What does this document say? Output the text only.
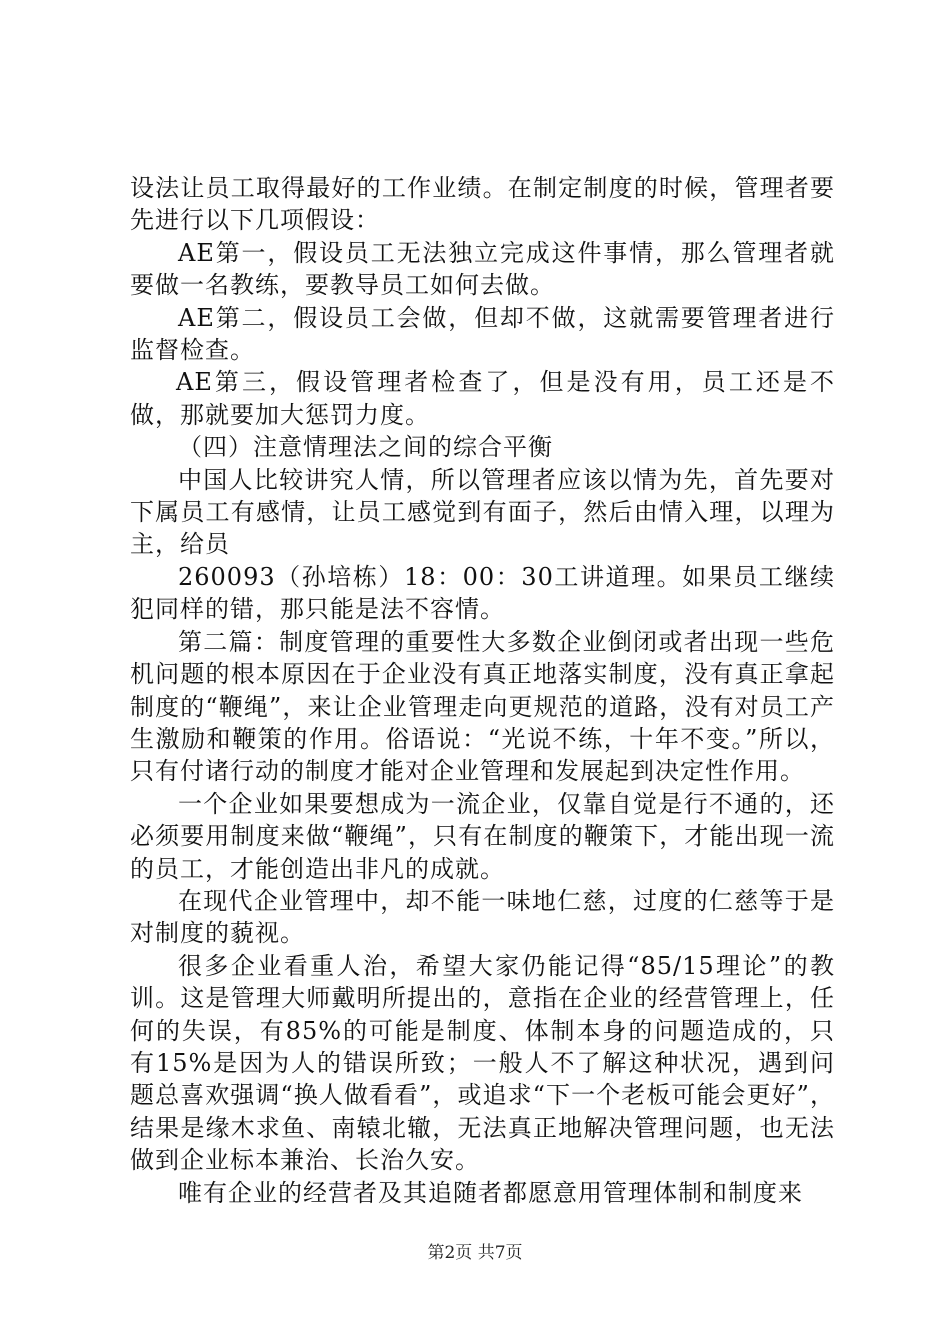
设法让员工取得最好的工作业绩。在制定制度的时候，管理者要先进行以下几项假设：

AE第一，假设员工无法独立完成这件事情，那么管理者就要做一名教练，要教导员工如何去做。

AE第二，假设员工会做，但却不做，这就需要管理者进行监督检查。

AE第三，假设管理者检查了，但是没有用，员工还是不做，那就要加大惩罚力度。

（四）注意情理法之间的综合平衡

中国人比较讲究人情，所以管理者应该以情为先，首先要对下属员工有感情，让员工感觉到有面子，然后由情入理，以理为主，给员

260093（孙培栋）18：00：30工讲道理。如果员工继续犯同样的错，那只能是法不容情。

第二篇：制度管理的重要性大多数企业倒闭或者出现一些危机问题的根本原因在于企业没有真正地落实制度，没有真正拿起制度的“鞭绳”，来让企业管理走向更规范的道路，没有对员工产生激励和鞭策的作用。俗语说：“光说不练，十年不变。”所以，只有付诸行动的制度才能对企业管理和发展起到决定性作用。

一个企业如果要想成为一流企业，仅靠自觉是行不通的，还必须要用制度来做“鞭绳”，只有在制度的鞭策下，才能出现一流的员工，才能创造出非凡的成就。

在现代企业管理中，却不能一味地仁慈，过度的仁慈等于是对制度的藐视。

很多企业看重人治，希望大家仍能记得“85/15理论”的教训。这是管理大师戴明所提出的，意指在企业的经营管理上，任何的失误，有85%的可能是制度、体制本身的问题造成的，只有15%是因为人的错误所致；一般人不了解这种状况，遇到问题总喜欢强调“换人做看看”，或追求“下一个老板可能会更好”，结果是缘木求鱼、南辕北辙，无法真正地解决管理问题，也无法做到企业标本兼治、长治久安。

唯有企业的经营者及其追随者都愿意用管理体制和制度来

第2页 共7页
